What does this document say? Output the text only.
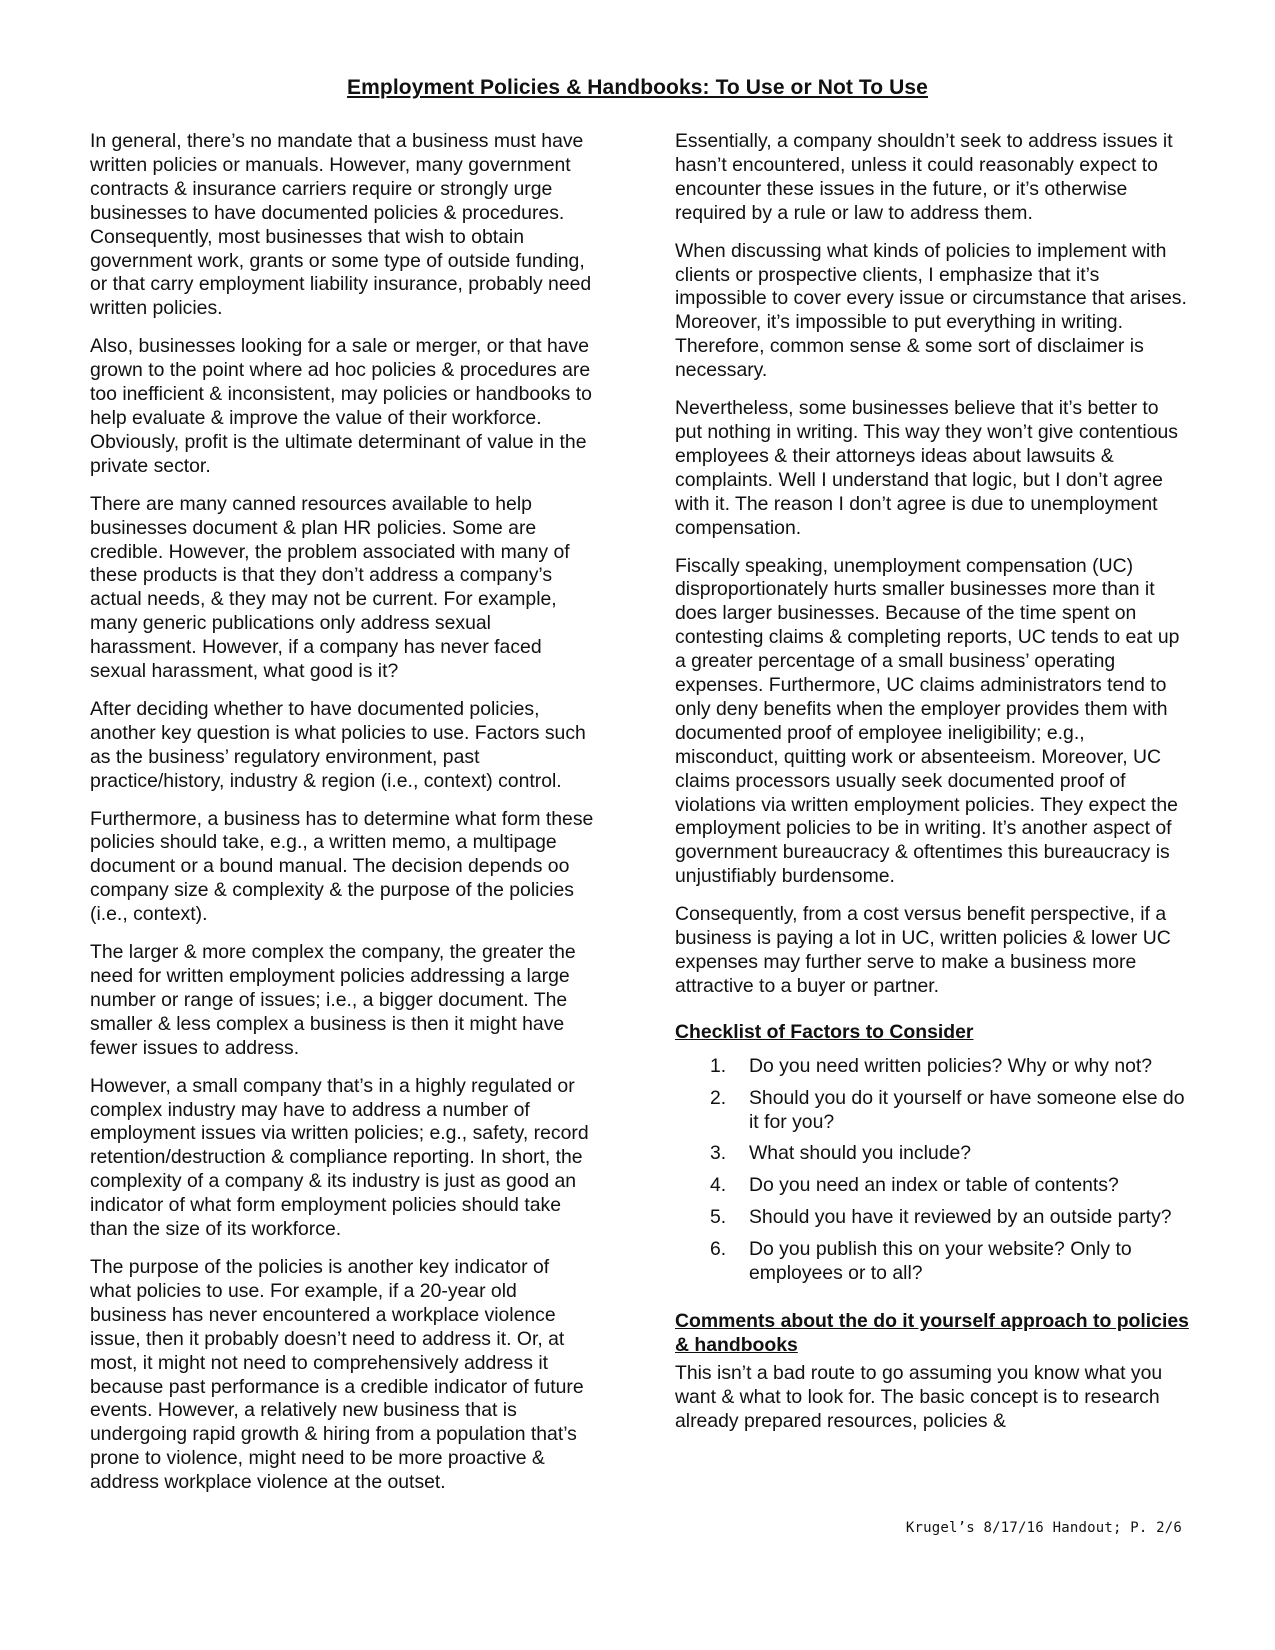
Employment Policies & Handbooks: To Use or Not To Use

In general, there’s no mandate that a business must have written policies or manuals. However, many government contracts & insurance carriers require or strongly urge businesses to have documented policies & procedures. Consequently, most businesses that wish to obtain government work, grants or some type of outside funding, or that carry employment liability insurance, probably need written policies.

Also, businesses looking for a sale or merger, or that have grown to the point where ad hoc policies & procedures are too inefficient & inconsistent, may policies or handbooks to help evaluate & improve the value of their workforce. Obviously, profit is the ultimate determinant of value in the private sector.

There are many canned resources available to help businesses document & plan HR policies. Some are credible. However, the problem associated with many of these products is that they don’t address a company’s actual needs, & they may not be current. For example, many generic publications only address sexual harassment. However, if a company has never faced sexual harassment, what good is it?

After deciding whether to have documented policies, another key question is what policies to use. Factors such as the business’ regulatory environment, past practice/history, industry & region (i.e., context) control.

Furthermore, a business has to determine what form these policies should take, e.g., a written memo, a multipage document or a bound manual. The decision depends oo company size & complexity & the purpose of the policies (i.e., context).

The larger & more complex the company, the greater the need for written employment policies addressing a large number or range of issues; i.e., a bigger document. The smaller & less complex a business is then it might have fewer issues to address.

However, a small company that’s in a highly regulated or complex industry may have to address a number of employment issues via written policies; e.g., safety, record retention/destruction & compliance reporting. In short, the complexity of a company & its industry is just as good an indicator of what form employment policies should take than the size of its workforce.

The purpose of the policies is another key indicator of what policies to use. For example, if a 20-year old business has never encountered a workplace violence issue, then it probably doesn’t need to address it. Or, at most, it might not need to comprehensively address it because past performance is a credible indicator of future events. However, a relatively new business that is undergoing rapid growth & hiring from a population that’s prone to violence, might need to be more proactive & address workplace violence at the outset.

Essentially, a company shouldn’t seek to address issues it hasn’t encountered, unless it could reasonably expect to encounter these issues in the future, or it’s otherwise required by a rule or law to address them.

When discussing what kinds of policies to implement with clients or prospective clients, I emphasize that it’s impossible to cover every issue or circumstance that arises. Moreover, it’s impossible to put everything in writing. Therefore, common sense & some sort of disclaimer is necessary.

Nevertheless, some businesses believe that it’s better to put nothing in writing. This way they won’t give contentious employees & their attorneys ideas about lawsuits & complaints. Well I understand that logic, but I don’t agree with it. The reason I don’t agree is due to unemployment compensation.

Fiscally speaking, unemployment compensation (UC) disproportionately hurts smaller businesses more than it does larger businesses. Because of the time spent on contesting claims & completing reports, UC tends to eat up a greater percentage of a small business’ operating expenses. Furthermore, UC claims administrators tend to only deny benefits when the employer provides them with documented proof of employee ineligibility; e.g., misconduct, quitting work or absenteeism. Moreover, UC claims processors usually seek documented proof of violations via written employment policies. They expect the employment policies to be in writing. It’s another aspect of government bureaucracy & oftentimes this bureaucracy is unjustifiably burdensome.

Consequently, from a cost versus benefit perspective, if a business is paying a lot in UC, written policies & lower UC expenses may further serve to make a business more attractive to a buyer or partner.

Checklist of Factors to Consider
1. Do you need written policies? Why or why not?
2. Should you do it yourself or have someone else do it for you?
3. What should you include?
4. Do you need an index or table of contents?
5. Should you have it reviewed by an outside party?
6. Do you publish this on your website? Only to employees or to all?
Comments about the do it yourself approach to policies & handbooks

This isn’t a bad route to go assuming you know what you want & what to look for. The basic concept is to research already prepared resources, policies &

Krugel’s 8/17/16 Handout; P. 2/6
